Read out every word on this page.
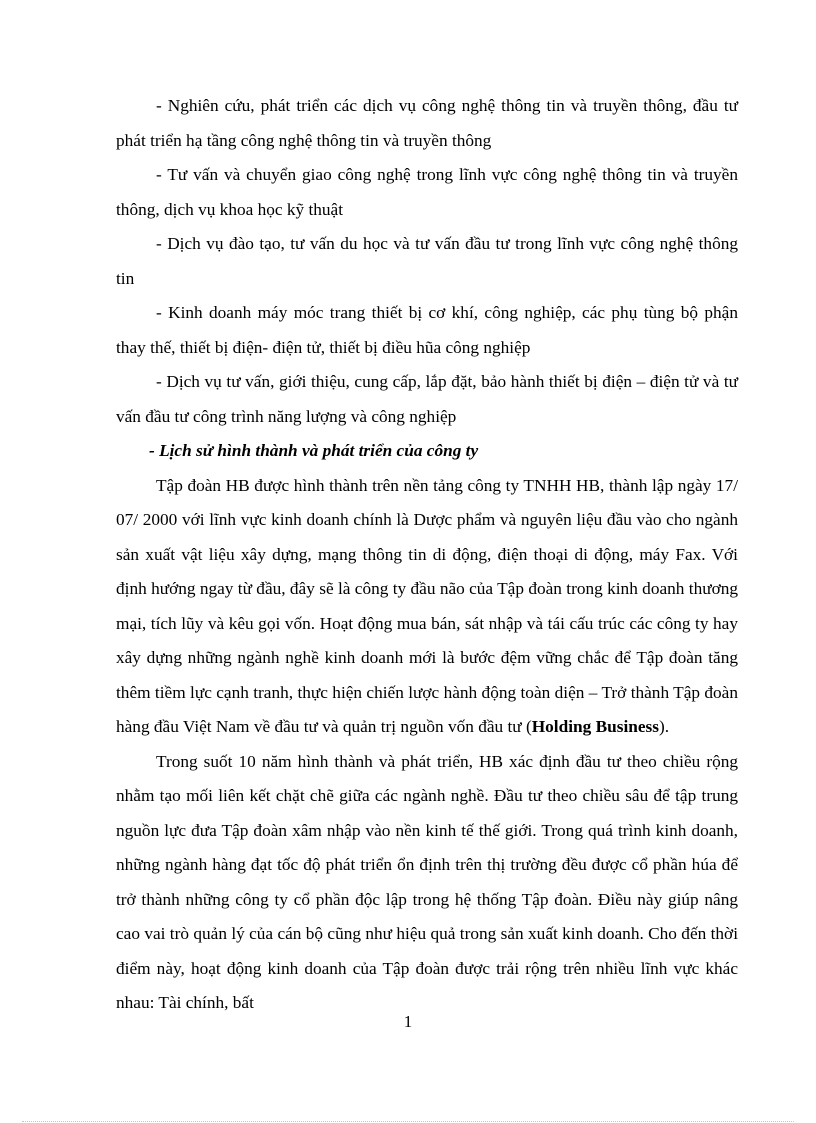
- Nghiên cứu, phát triển các dịch vụ công nghệ thông tin và truyền thông, đầu tư phát triển hạ tầng công nghệ thông tin và truyền thông

- Tư vấn và chuyển giao công nghệ trong lĩnh vực công nghệ thông tin và truyền thông, dịch vụ khoa học kỹ thuật

- Dịch vụ đào tạo, tư vấn du học và tư vấn đầu tư trong lĩnh vực công nghệ thông tin

- Kinh doanh máy móc trang thiết bị cơ khí, công nghiệp, các phụ tùng bộ phận thay thế, thiết bị điện- điện tử, thiết bị điều hũa công nghiệp

- Dịch vụ tư vấn, giới thiệu, cung cấp, lắp đặt, bảo hành thiết bị điện – điện tử và tư vấn đầu tư công trình năng lượng và công nghiệp

- Lịch sử hình thành và phát triển của công ty

Tập đoàn HB được hình thành trên nền tảng công ty TNHH HB, thành lập ngày 17/ 07/ 2000 với lĩnh vực kinh doanh chính là Dược phẩm và nguyên liệu đầu vào cho ngành sản xuất vật liệu xây dựng, mạng thông tin di động, điện thoại di động, máy Fax. Với định hướng ngay từ đầu, đây sẽ là công ty đầu não của Tập đoàn trong kinh doanh thương mại, tích lũy và kêu gọi vốn. Hoạt động mua bán, sát nhập và tái cấu trúc các công ty hay xây dựng những ngành nghề kinh doanh mới là bước đệm vững chắc để Tập đoàn tăng thêm tiềm lực cạnh tranh, thực hiện chiến lược hành động toàn diện – Trở thành Tập đoàn hàng đầu Việt Nam về đầu tư và quản trị nguồn vốn đầu tư (Holding Business).

Trong suốt 10 năm hình thành và phát triển, HB xác định đầu tư theo chiều rộng nhằm tạo mối liên kết chặt chẽ giữa các ngành nghề. Đầu tư theo chiều sâu để tập trung nguồn lực đưa Tập đoàn xâm nhập vào nền kinh tế thế giới. Trong quá trình kinh doanh, những ngành hàng đạt tốc độ phát triển ổn định trên thị trường đều được cổ phần húa để trở thành những công ty cổ phần độc lập trong hệ thống Tập đoàn. Điều này giúp nâng cao vai trò quản lý của cán bộ cũng như hiệu quả trong sản xuất kinh doanh. Cho đến thời điểm này, hoạt động kinh doanh của Tập đoàn được trải rộng trên nhiều lĩnh vực khác nhau: Tài chính, bất

1
